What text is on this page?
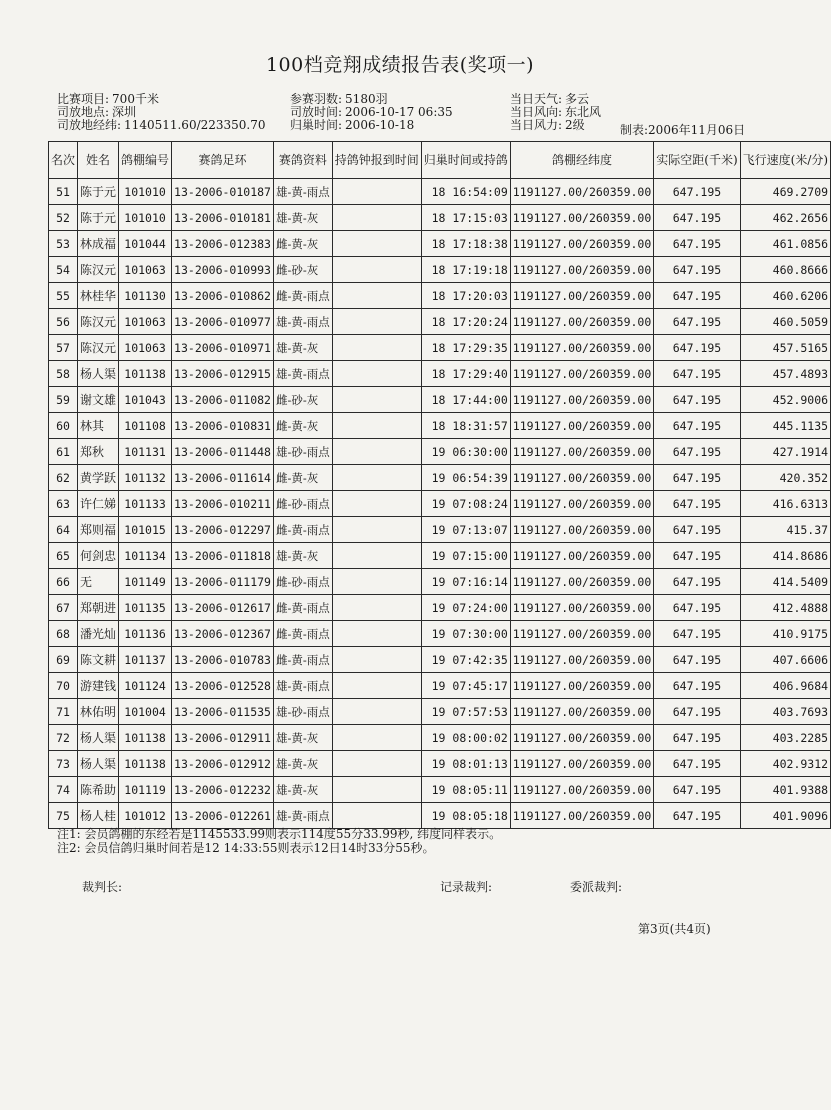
100档竞翔成绩报告表(奖项一)
比赛项目: 700千米
司放地点: 深圳
司放地经纬: 1140511.60/223350.70
参赛羽数: 5180羽
司放时间: 2006-10-17 06:35
归巢时间: 2006-10-18
当日天气: 多云
当日风向: 东北风
当日风力: 2级	制表:2006年11月06日
名次	姓名	鸽棚编号	赛鸽足环	赛鸽资料	持鸽钟报到时间	归巢时间或持鸽	鸽棚经纬度	实际空距(千米)	飞行速度(米/分)
51	陈于元	101010	13-2006-010187	雄-黄-雨点		18 16:54:09	1191127.00/260359.00	647.195	469.2709
52	陈于元	101010	13-2006-010181	雄-黄-灰		18 17:15:03	1191127.00/260359.00	647.195	462.2656
53	林成福	101044	13-2006-012383	雌-黄-灰		18 17:18:38	1191127.00/260359.00	647.195	461.0856
54	陈汉元	101063	13-2006-010993	雌-砂-灰		18 17:19:18	1191127.00/260359.00	647.195	460.8666
55	林桂华	101130	13-2006-010862	雌-黄-雨点		18 17:20:03	1191127.00/260359.00	647.195	460.6206
56	陈汉元	101063	13-2006-010977	雄-黄-雨点		18 17:20:24	1191127.00/260359.00	647.195	460.5059
57	陈汉元	101063	13-2006-010971	雄-黄-灰		18 17:29:35	1191127.00/260359.00	647.195	457.5165
58	杨人渠	101138	13-2006-012915	雄-黄-雨点		18 17:29:40	1191127.00/260359.00	647.195	457.4893
59	谢文雄	101043	13-2006-011082	雌-砂-灰		18 17:44:00	1191127.00/260359.00	647.195	452.9006
60	林其	101108	13-2006-010831	雌-黄-灰		18 18:31:57	1191127.00/260359.00	647.195	445.1135
61	郑秋	101131	13-2006-011448	雄-砂-雨点		19 06:30:00	1191127.00/260359.00	647.195	427.1914
62	黄学跃	101132	13-2006-011614	雌-黄-灰		19 06:54:39	1191127.00/260359.00	647.195	420.352
63	许仁娣	101133	13-2006-010211	雌-砂-雨点		19 07:08:24	1191127.00/260359.00	647.195	416.6313
64	郑则福	101015	13-2006-012297	雌-黄-雨点		19 07:13:07	1191127.00/260359.00	647.195	415.37
65	何剑忠	101134	13-2006-011818	雄-黄-灰		19 07:15:00	1191127.00/260359.00	647.195	414.8686
66	无	101149	13-2006-011179	雌-砂-雨点		19 07:16:14	1191127.00/260359.00	647.195	414.5409
67	郑朝进	101135	13-2006-012617	雌-黄-雨点		19 07:24:00	1191127.00/260359.00	647.195	412.4888
68	潘光灿	101136	13-2006-012367	雌-黄-雨点		19 07:30:00	1191127.00/260359.00	647.195	410.9175
69	陈文耕	101137	13-2006-010783	雌-黄-雨点		19 07:42:35	1191127.00/260359.00	647.195	407.6606
70	游建钱	101124	13-2006-012528	雄-黄-雨点		19 07:45:17	1191127.00/260359.00	647.195	406.9684
71	林佑明	101004	13-2006-011535	雄-砂-雨点		19 07:57:53	1191127.00/260359.00	647.195	403.7693
72	杨人渠	101138	13-2006-012911	雄-黄-灰		19 08:00:02	1191127.00/260359.00	647.195	403.2285
73	杨人渠	101138	13-2006-012912	雄-黄-灰		19 08:01:13	1191127.00/260359.00	647.195	402.9312
74	陈希助	101119	13-2006-012232	雄-黄-灰		19 08:05:11	1191127.00/260359.00	647.195	401.9388
75	杨人桂	101012	13-2006-012261	雄-黄-雨点		19 08:05:18	1191127.00/260359.00	647.195	401.9096
注1: 会员鸽棚的东经若是1145533.99则表示114度55分33.99秒, 纬度同样表示。
注2: 会员信鸽归巢时间若是12 14:33:55则表示12日14时33分55秒。
裁判长:	记录裁判:	委派裁判:
第3页(共4页)
